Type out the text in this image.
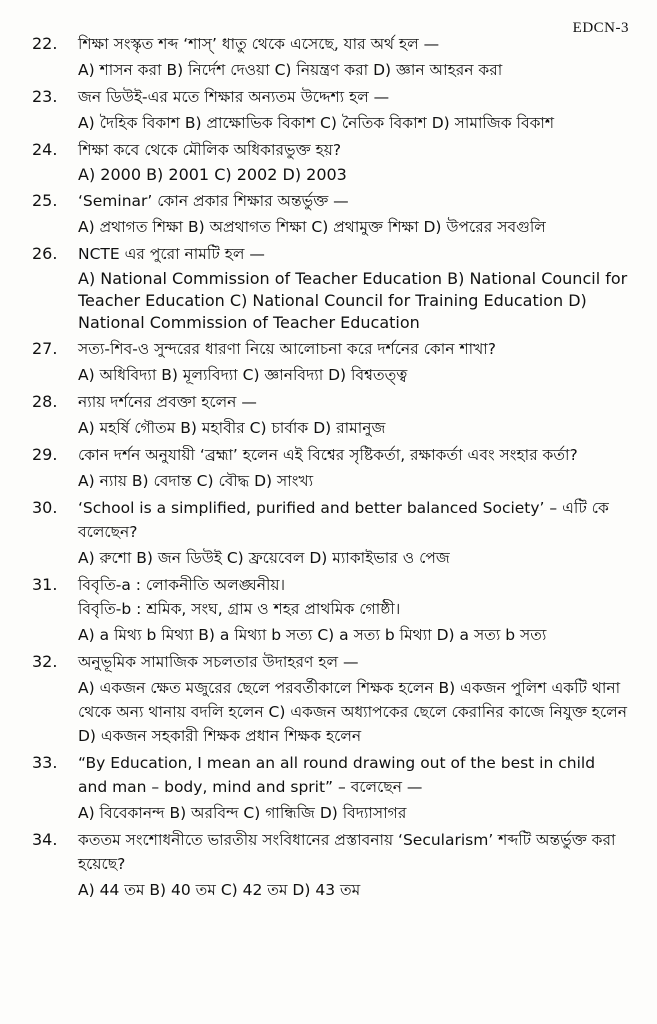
EDCN-3
22. শিক্ষা সংস্কৃত শব্দ ‘শাস্’ ধাতু থেকে এসেছে, যার অর্থ হল —
A) শাসন করা B) নির্দেশ দেওয়া C) নিয়ন্ত্রণ করা D) জ্ঞান আহরন করা
23. জন ডিউই-এর মতে শিক্ষার অন্যতম উদ্দেশ্য হল —
A) দৈহিক বিকাশ B) প্রাক্ষোভিক বিকাশ C) নৈতিক বিকাশ D) সামাজিক বিকাশ
24. শিক্ষা কবে থেকে মৌলিক অধিকারভুক্ত হয়?
A) 2000 B) 2001 C) 2002 D) 2003
25. ‘Seminar’ কোন প্রকার শিক্ষার অন্তর্ভুক্ত —
A) প্রথাগত শিক্ষা B) অপ্রথাগত শিক্ষা C) প্রথামুক্ত শিক্ষা D) উপরের সবগুলি
26. NCTE এর পুরো নামটি হল —
A) National Commission of Teacher Education B) National Council for Teacher Education C) National Council for Training Education D) National Commission of Teacher Education
27. সত্য-শিব-ও সুন্দরের ধারণা নিয়ে আলোচনা করে দর্শনের কোন শাখা?
A) অধিবিদ্যা B) মূল্যবিদ্যা C) জ্ঞানবিদ্যা D) বিশ্বতত্ত্ব
28. ন্যায় দর্শনের প্রবক্তা হলেন —
A) মহর্ষি গৌতম B) মহাবীর C) চার্বাক D) রামানুজ
29. কোন দর্শন অনুযায়ী ‘ব্রহ্মা’ হলেন এই বিশ্বের সৃষ্টিকর্তা, রক্ষাকর্তা এবং সংহার কর্তা?
A) ন্যায় B) বেদান্ত C) বৌদ্ধ D) সাংখ্য
30. ‘School is a simplified, purified and better balanced Society’ – এটি কে বলেছেন?
A) রুশো B) জন ডিউই C) ফ্রয়েবেল D) ম্যাকাইভার ও পেজ
31. বিবৃতি-a : লোকনীতি অলঙ্ঘনীয়।
বিবৃতি-b : শ্রমিক, সংঘ, গ্রাম ও শহর প্রাথমিক গোষ্ঠী।
A) a মিথ্য b মিথ্যা B) a মিথ্যা b সত্য C) a সত্য b মিথ্যা D) a সত্য b সত্য
32. অনুভূমিক সামাজিক সচলতার উদাহরণ হল —
A) একজন ক্ষেত মজুরের ছেলে পরবর্তীকালে শিক্ষক হলেন B) একজন পুলিশ একটি থানা থেকে অন্য থানায় বদলি হলেন C) একজন অধ্যাপকের ছেলে কেরানির কাজে নিযুক্ত হলেন D) একজন সহকারী শিক্ষক প্রধান শিক্ষক হলেন
33. “By Education, I mean an all round drawing out of the best in child and man – body, mind and sprit” – বলেছেন —
A) বিবেকানন্দ B) অরবিন্দ C) গান্ধিজি D) বিদ্যাসাগর
34. কততম সংশোধনীতে ভারতীয় সংবিধানের প্রস্তাবনায় ‘Secularism’ শব্দটি অন্তর্ভুক্ত করা হয়েছে?
A) 44 তম B) 40 তম C) 42 তম D) 43 তম
